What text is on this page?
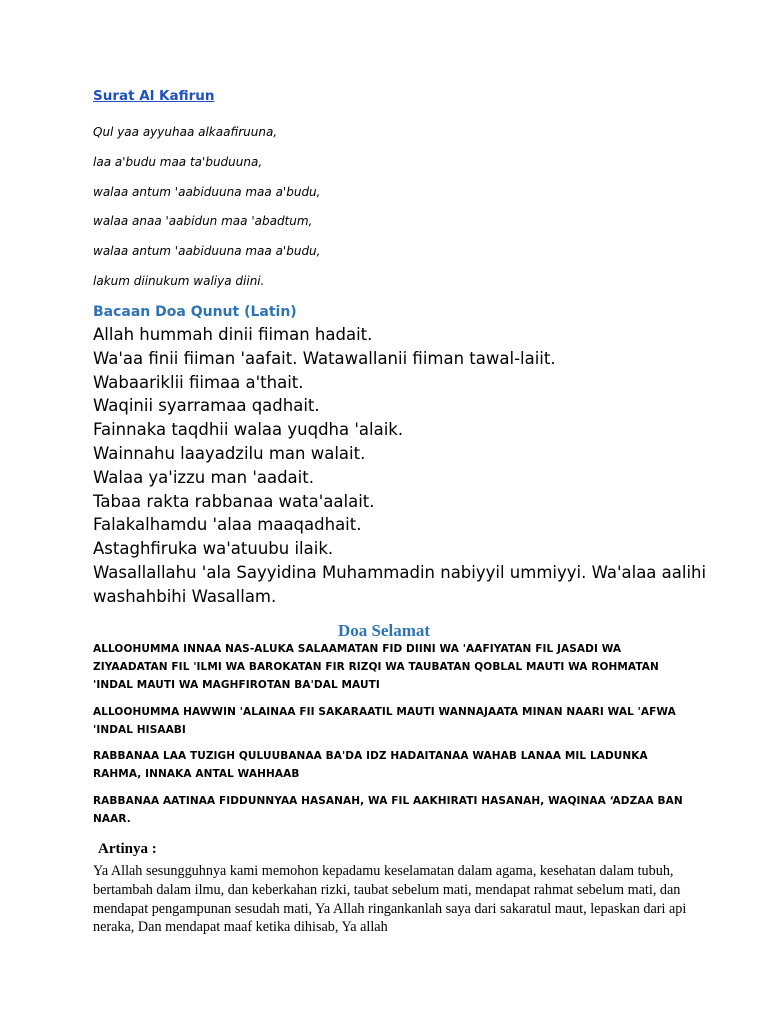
Surat Al Kafirun

Qul yaa ayyuhaa alkaafiruuna,

laa a'budu maa ta'buduuna,

walaa antum 'aabiduuna maa a'budu,

walaa anaa 'aabidun maa 'abadtum,

walaa antum 'aabiduuna maa a'budu,

lakum diinukum waliya diini.

Bacaan Doa Qunut (Latin)
Allah hummah dinii fiiman hadait.
Wa'aa finii fiiman 'aafait. Watawallanii fiiman tawal-laiit.
Wabaariklii fiimaa a'thait.
Waqinii syarramaa qadhait.
Fainnaka taqdhii walaa yuqdha 'alaik.
Wainnahu laayadzilu man walait.
Walaa ya'izzu man 'aadait.
Tabaa rakta rabbanaa wata'aalait.
Falakalhamdu 'alaa maaqadhait.
Astaghfiruka wa'atuubu ilaik.
Wasallallahu 'ala Sayyidina Muhammadin nabiyyil ummiyyi. Wa'alaa aalihi washahbihi Wasallam.
Doa Selamat

ALLOOHUMMA INNAA NAS-ALUKA SALAAMATAN FID DIINI WA 'AAFIYATAN FIL JASADI WA ZIYAADATAN FIL 'ILMI WA BAROKATAN FIR RIZQI WA TAUBATAN QOBLAL MAUTI WA ROHMATAN 'INDAL MAUTI WA MAGHFIROTAN BA'DAL MAUTI

ALLOOHUMMA HAWWIN 'ALAINAA FII SAKARAATIL MAUTI WANNAJAATA MINAN NAARI WAL 'AFWA 'INDAL HISAABI

RABBANAA LAA TUZIGH QULUUBANAA BA'DA IDZ HADAITANAA WAHAB LANAA MIL LADUNKA RAHMA, INNAKA ANTAL WAHHAAB

RABBANAA AATINAA FIDDUNNYAA HASANAH, WA FIL AAKHIRATI HASANAH, WAQINAA ‘ADZAA BAN NAAR.

Artinya :

Ya Allah sesungguhnya kami memohon kepadamu keselamatan dalam agama, kesehatan dalam tubuh, bertambah dalam ilmu, dan keberkahan rizki, taubat sebelum mati, mendapat rahmat sebelum mati, dan mendapat pengampunan sesudah mati, Ya Allah ringankanlah saya dari sakaratul maut, lepaskan dari api neraka, Dan mendapat maaf ketika dihisab, Ya allah
